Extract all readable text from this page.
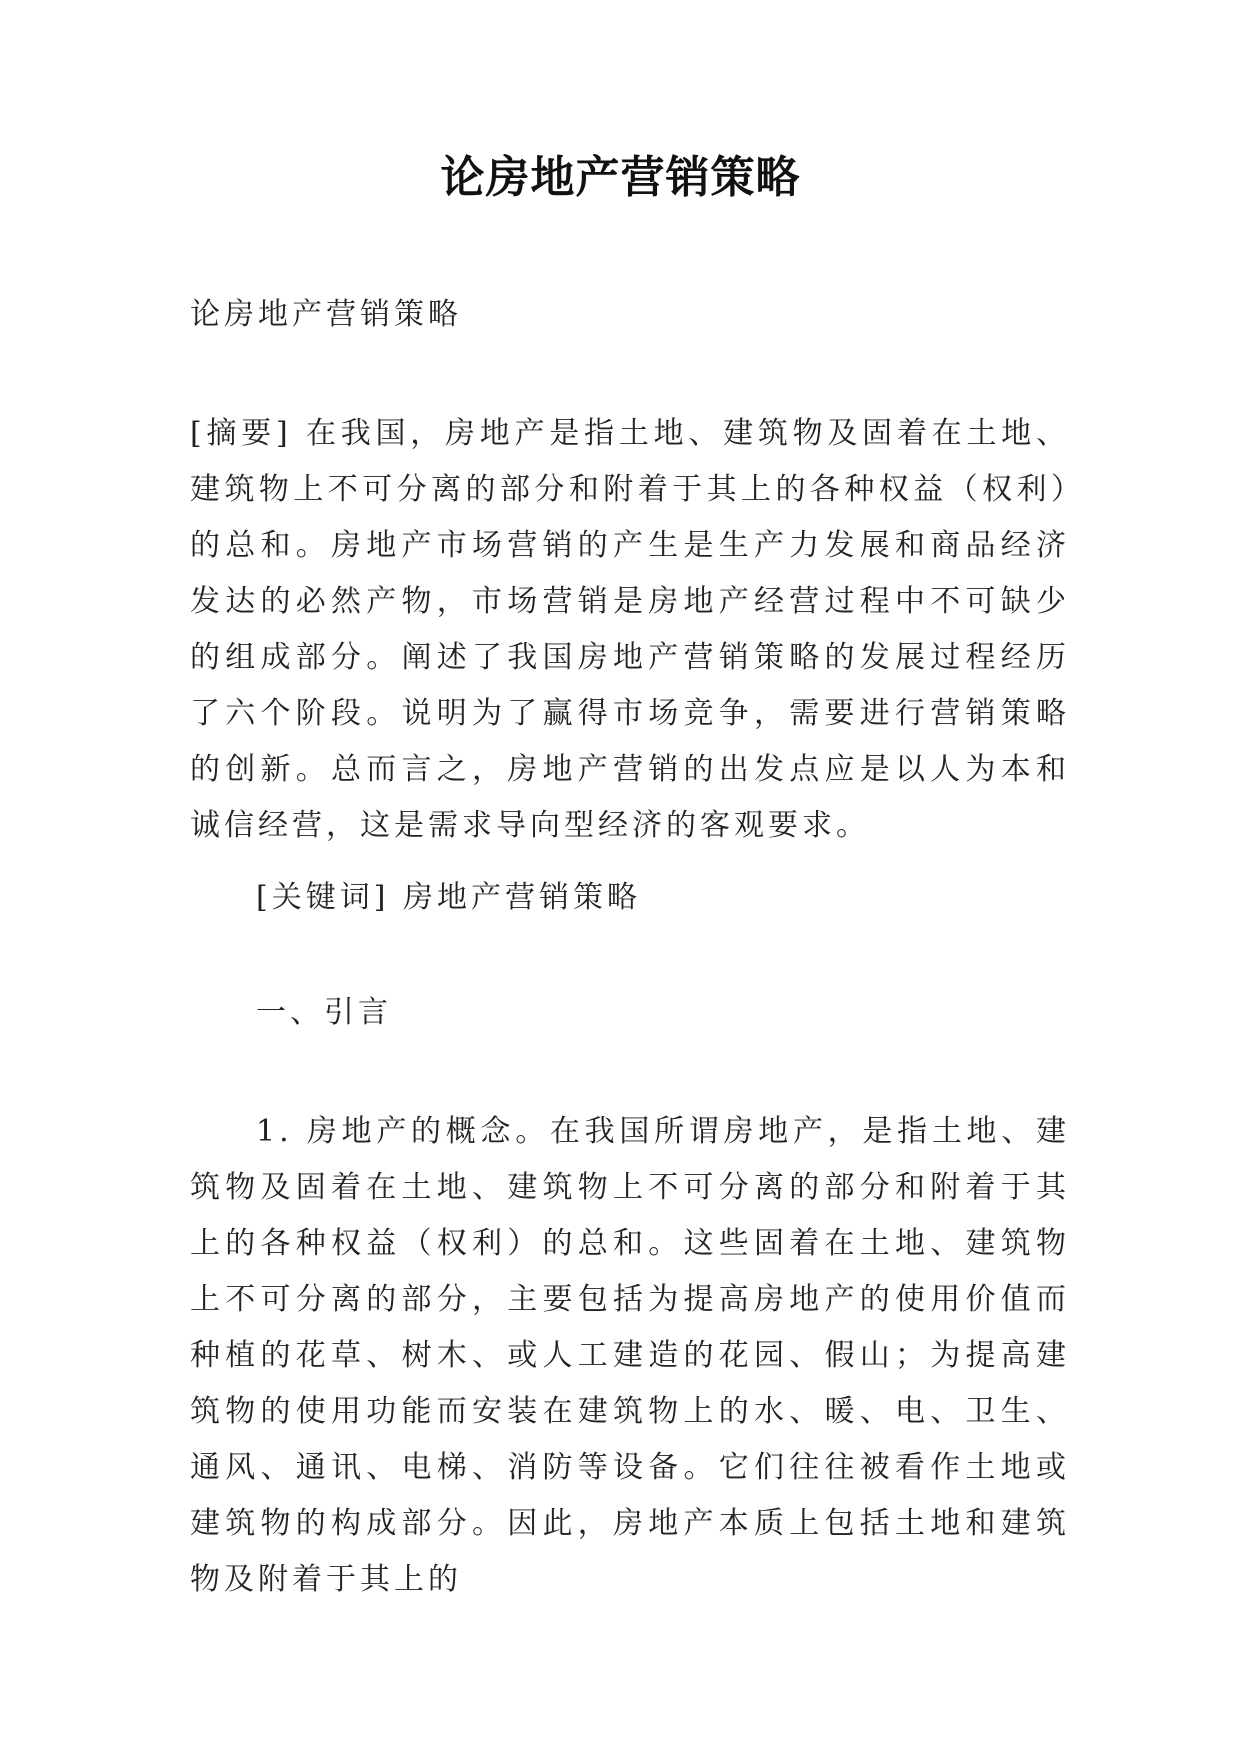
论房地产营销策略
论房地产营销策略
[摘要] 在我国，房地产是指土地、建筑物及固着在土地、建筑物上不可分离的部分和附着于其上的各种权益（权利）的总和。房地产市场营销的产生是生产力发展和商品经济发达的必然产物，市场营销是房地产经营过程中不可缺少的组成部分。阐述了我国房地产营销策略的发展过程经历了六个阶段。说明为了赢得市场竞争，需要进行营销策略的创新。总而言之，房地产营销的出发点应是以人为本和诚信经营，这是需求导向型经济的客观要求。
[关键词] 房地产营销策略
一、引言
1. 房地产的概念。在我国所谓房地产，是指土地、建筑物及固着在土地、建筑物上不可分离的部分和附着于其上的各种权益（权利）的总和。这些固着在土地、建筑物上不可分离的部分，主要包括为提高房地产的使用价值而种植的花草、树木、或人工建造的花园、假山；为提高建筑物的使用功能而安装在建筑物上的水、暖、电、卫生、通风、通讯、电梯、消防等设备。它们往往被看作土地或建筑物的构成部分。因此，房地产本质上包括土地和建筑物及附着于其上的
